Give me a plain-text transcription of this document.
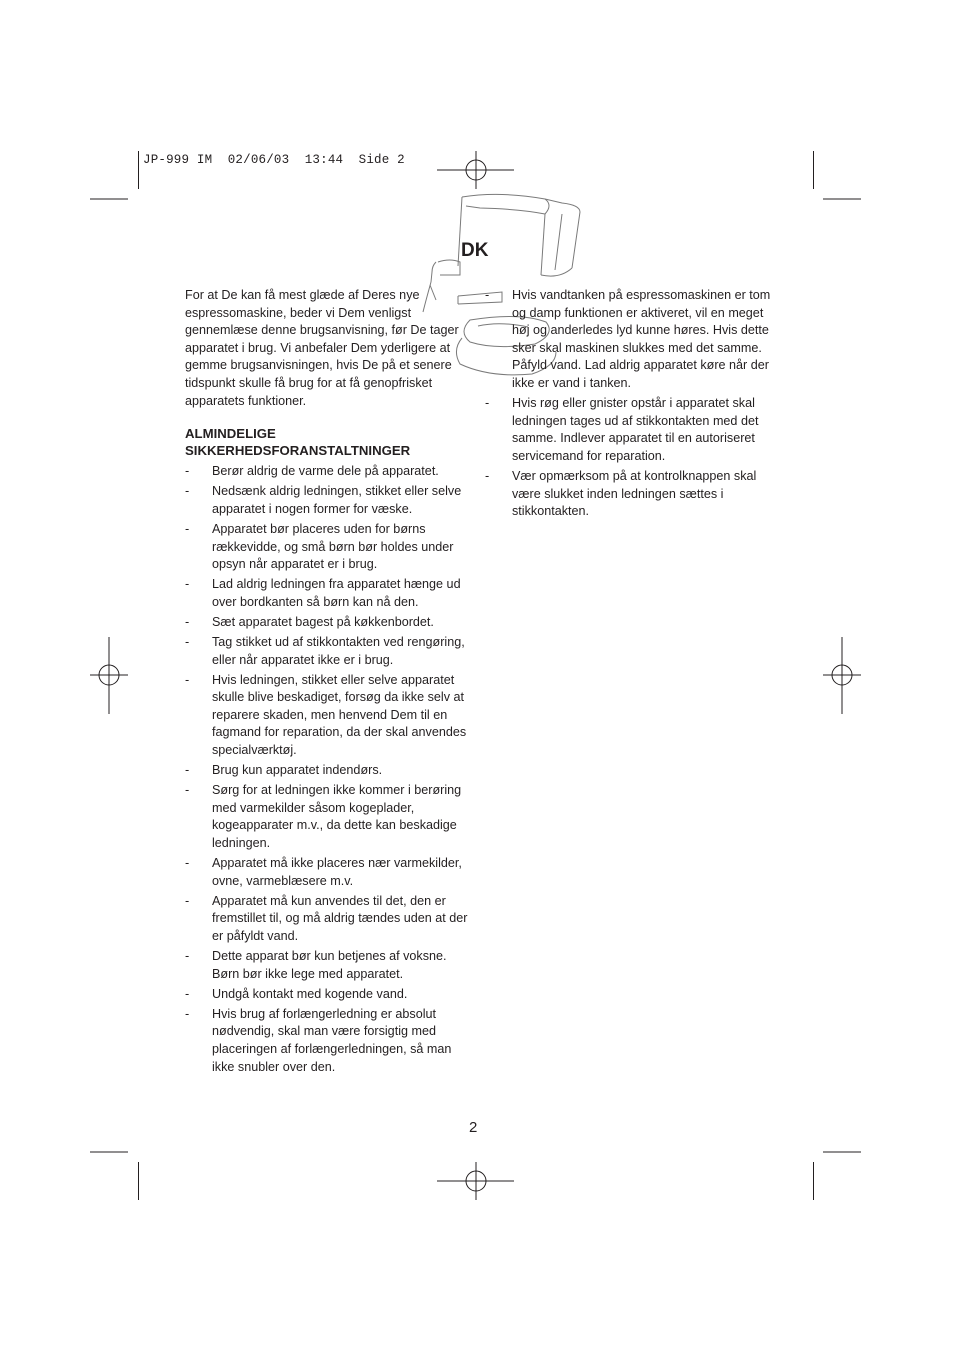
JP-999 IM  02/06/03  13:44  Side 2
DK

For at De kan få mest glæde af Deres nye espressomaskine, beder vi Dem venligst gennemlæse denne brugsanvisning, før De tager apparatet i brug. Vi anbefaler Dem yderligere at gemme brugsanvisningen, hvis De på et senere tidspunkt skulle få brug for at få genopfrisket apparatets funktioner.

ALMINDELIGE
SIKKERHEDSFORANSTALTNINGER
- Berør aldrig de varme dele på apparatet.
- Nedsænk aldrig ledningen, stikket eller selve apparatet i nogen former for væske.
- Apparatet bør placeres uden for børns rækkevidde, og små børn bør holdes under opsyn når apparatet er i brug.
- Lad aldrig ledningen fra apparatet hænge ud over bordkanten så børn kan nå den.
- Sæt apparatet bagest på køkkenbordet.
- Tag stikket ud af stikkontakten ved rengøring, eller når apparatet ikke er i brug.
- Hvis ledningen, stikket eller selve apparatet skulle blive beskadiget, forsøg da ikke selv at reparere skaden, men henvend Dem til en fagmand for reparation, da der skal anvendes specialværktøj.
- Brug kun apparatet indendørs.
- Sørg for at ledningen ikke kommer i berøring med varmekilder såsom kogeplader, kogeapparater m.v., da dette kan beskadige ledningen.
- Apparatet må ikke placeres nær varmekilder, ovne, varmeblæsere m.v.
- Apparatet må kun anvendes til det, den er fremstillet til, og må aldrig tændes uden at der er påfyldt vand.
- Dette apparat bør kun betjenes af voksne. Børn bør ikke lege med apparatet.
- Undgå kontakt med kogende vand.
- Hvis brug af forlængerledning er absolut nødvendig, skal man være forsigtig med placeringen af forlængerledningen, så man ikke snubler over den.
- Hvis vandtanken på espressomaskinen er tom og damp funktionen er aktiveret, vil en meget høj og anderledes lyd kunne høres. Hvis dette sker skal maskinen slukkes med det samme. Påfyld vand. Lad aldrig apparatet køre når der ikke er vand i tanken.
- Hvis røg eller gnister opstår i apparatet skal ledningen tages ud af stikkontakten med det samme. Indlever apparatet til en autoriseret servicemand for reparation.
- Vær opmærksom på at kontrolknappen skal være slukket inden ledningen sættes i stikkontakten.
2
